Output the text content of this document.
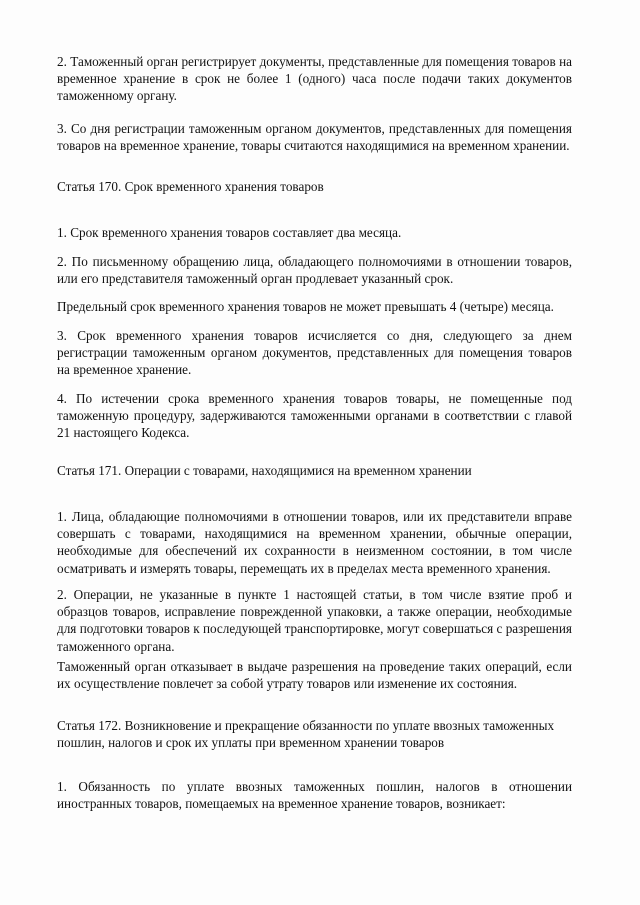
2. Таможенный орган регистрирует документы, представленные для помещения товаров на временное хранение в срок не более 1 (одного) часа после подачи таких документов таможенному органу.

3. Со дня регистрации таможенным органом документов, представленных для помещения товаров на временное хранение, товары считаются находящимися на временном хранении.

Статья 170. Срок временного хранения товаров

1. Срок временного хранения товаров составляет два месяца.

2. По письменному обращению лица, обладающего полномочиями в отношении товаров, или его представителя таможенный орган продлевает указанный срок.

Предельный срок временного хранения товаров не может превышать 4 (четыре) месяца.

3. Срок временного хранения товаров исчисляется со дня, следующего за днем регистрации таможенным органом документов, представленных для помещения товаров на временное хранение.

4. По истечении срока временного хранения товаров товары, не помещенные под таможенную процедуру, задерживаются таможенными органами в соответствии с главой 21 настоящего Кодекса.

Статья 171. Операции с товарами, находящимися на временном хранении

1. Лица, обладающие полномочиями в отношении товаров, или их представители вправе совершать с товарами, находящимися на временном хранении, обычные операции, необходимые для обеспечений их сохранности в неизменном состоянии, в том числе осматривать и измерять товары, перемещать их в пределах места временного хранения.

2. Операции, не указанные в пункте 1 настоящей статьи, в том числе взятие проб и образцов товаров, исправление поврежденной упаковки, а также операции, необходимые для подготовки товаров к последующей транспортировке, могут совершаться с разрешения таможенного органа.

Таможенный орган отказывает в выдаче разрешения на проведение таких операций, если их осуществление повлечет за собой утрату товаров или изменение их состояния.

Статья 172. Возникновение и прекращение обязанности по уплате ввозных таможенных пошлин, налогов и срок их уплаты при временном хранении товаров

1. Обязанность по уплате ввозных таможенных пошлин, налогов в отношении иностранных товаров, помещаемых на временное хранение товаров, возникает:
